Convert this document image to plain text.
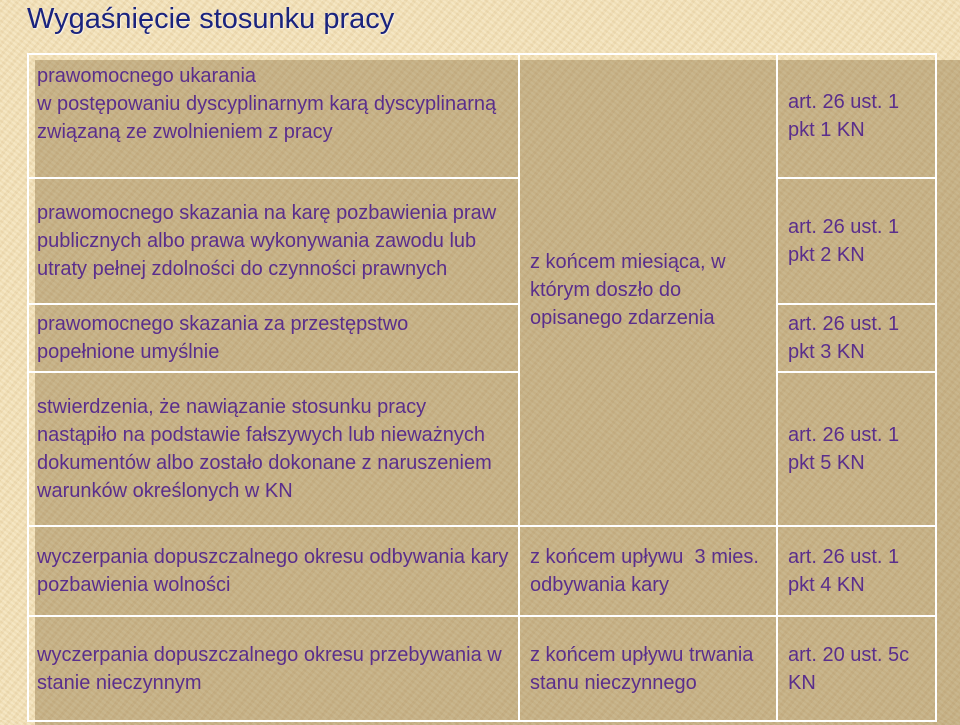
Wygaśnięcie stosunku pracy
prawomocnego ukarania
w postępowaniu dyscyplinarnym karą dyscyplinarną związaną ze zwolnieniem z pracy	z końcem miesiąca, w którym doszło do opisanego zdarzenia	art. 26 ust. 1 pkt 1 KN
prawomocnego skazania na karę pozbawienia praw publicznych albo prawa wykonywania zawodu lub utraty pełnej zdolności do czynności prawnych		art. 26 ust. 1 pkt 2 KN
prawomocnego skazania za przestępstwo popełnione umyślnie		art. 26 ust. 1 pkt 3 KN
stwierdzenia, że nawiązanie stosunku pracy nastąpiło na podstawie fałszywych lub nieważnych dokumentów albo zostało dokonane z naruszeniem warunków określonych w KN		art. 26 ust. 1 pkt 5 KN
wyczerpania dopuszczalnego okresu odbywania kary pozbawienia wolności	z końcem upływu  3 mies. odbywania kary	art. 26 ust. 1 pkt 4 KN
wyczerpania dopuszczalnego okresu przebywania w stanie nieczynnym	z końcem upływu trwania stanu nieczynnego	art. 20 ust. 5c KN
